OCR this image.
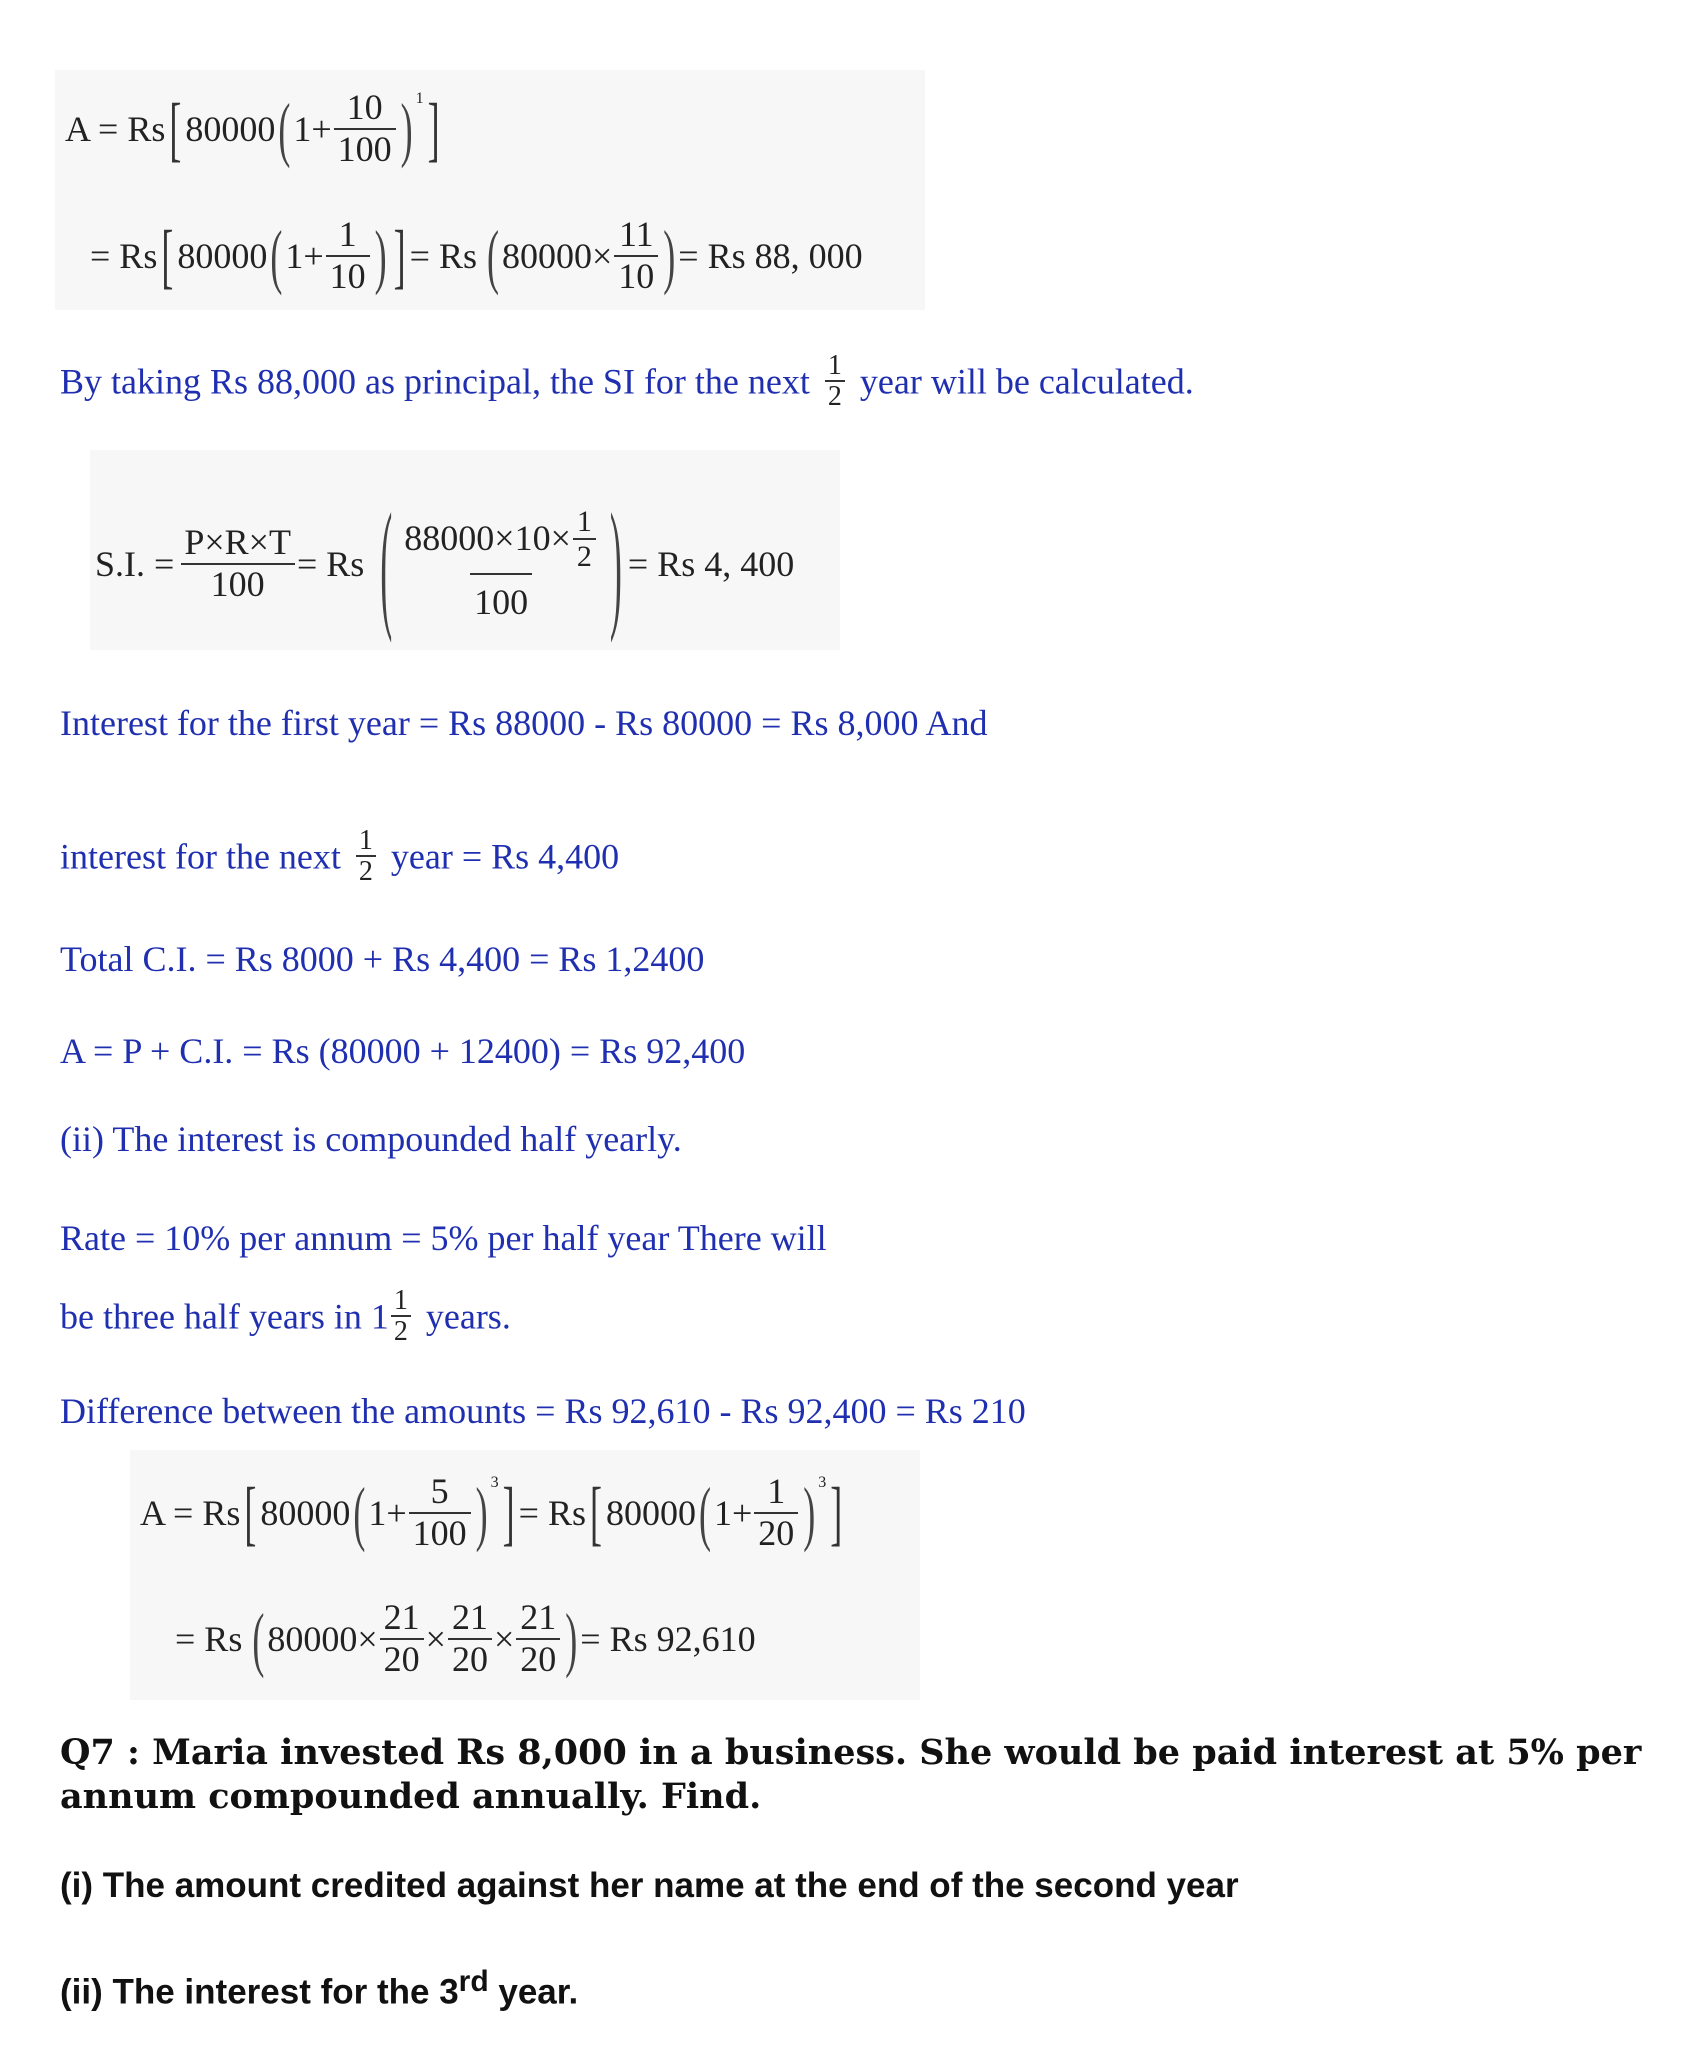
A = Rs [ 80000 ( $1+ \frac{10}{100}$ ) 1 ]
= Rs [ 80000 ( $1+ \frac{1}{10}$ ) ] = Rs ( $80000\times \frac{11}{10}$ ) = Rs 88, 000
By taking Rs 88,000 as principal, the SI for the next $\frac{1}{2}$ year will be calculated.
S.I. = $\frac{P\times R\times T}{100} = Rs$ ( $\frac{88000\times 10\times \frac{1}{2}}{100}$ ) = Rs 4, 400
Interest for the first year = Rs 88000 - Rs 80000 = Rs 8,000 And
interest for the next $\frac{1}{2}$ year = Rs 4,400
Total C.I. = Rs 8000 + Rs 4,400 = Rs 1,2400
A = P + C.I. = Rs (80000 + 12400) = Rs 92,400
(ii) The interest is compounded half yearly.
Rate = 10% per annum = 5% per half year There will
be three half years in $1 \frac{1}{2}$ years.
Difference between the amounts = Rs 92,610 - Rs 92,400 = Rs 210
A = Rs [ 80000 ( $1+ \frac{5}{100}$ ) 3 ] = Rs [ 80000 ( $1+ \frac{1}{20}$ ) 3 ]
= Rs ( $80000\times \frac{21}{20} \times \frac{21}{20} \times \frac{21}{20}$ ) = Rs 92,610
Q7 : Maria invested Rs 8,000 in a business. She would be paid interest at 5% per
annum compounded annually. Find.
(i) The amount credited against her name at the end of the second year
(ii) The interest for the 3rd year.
